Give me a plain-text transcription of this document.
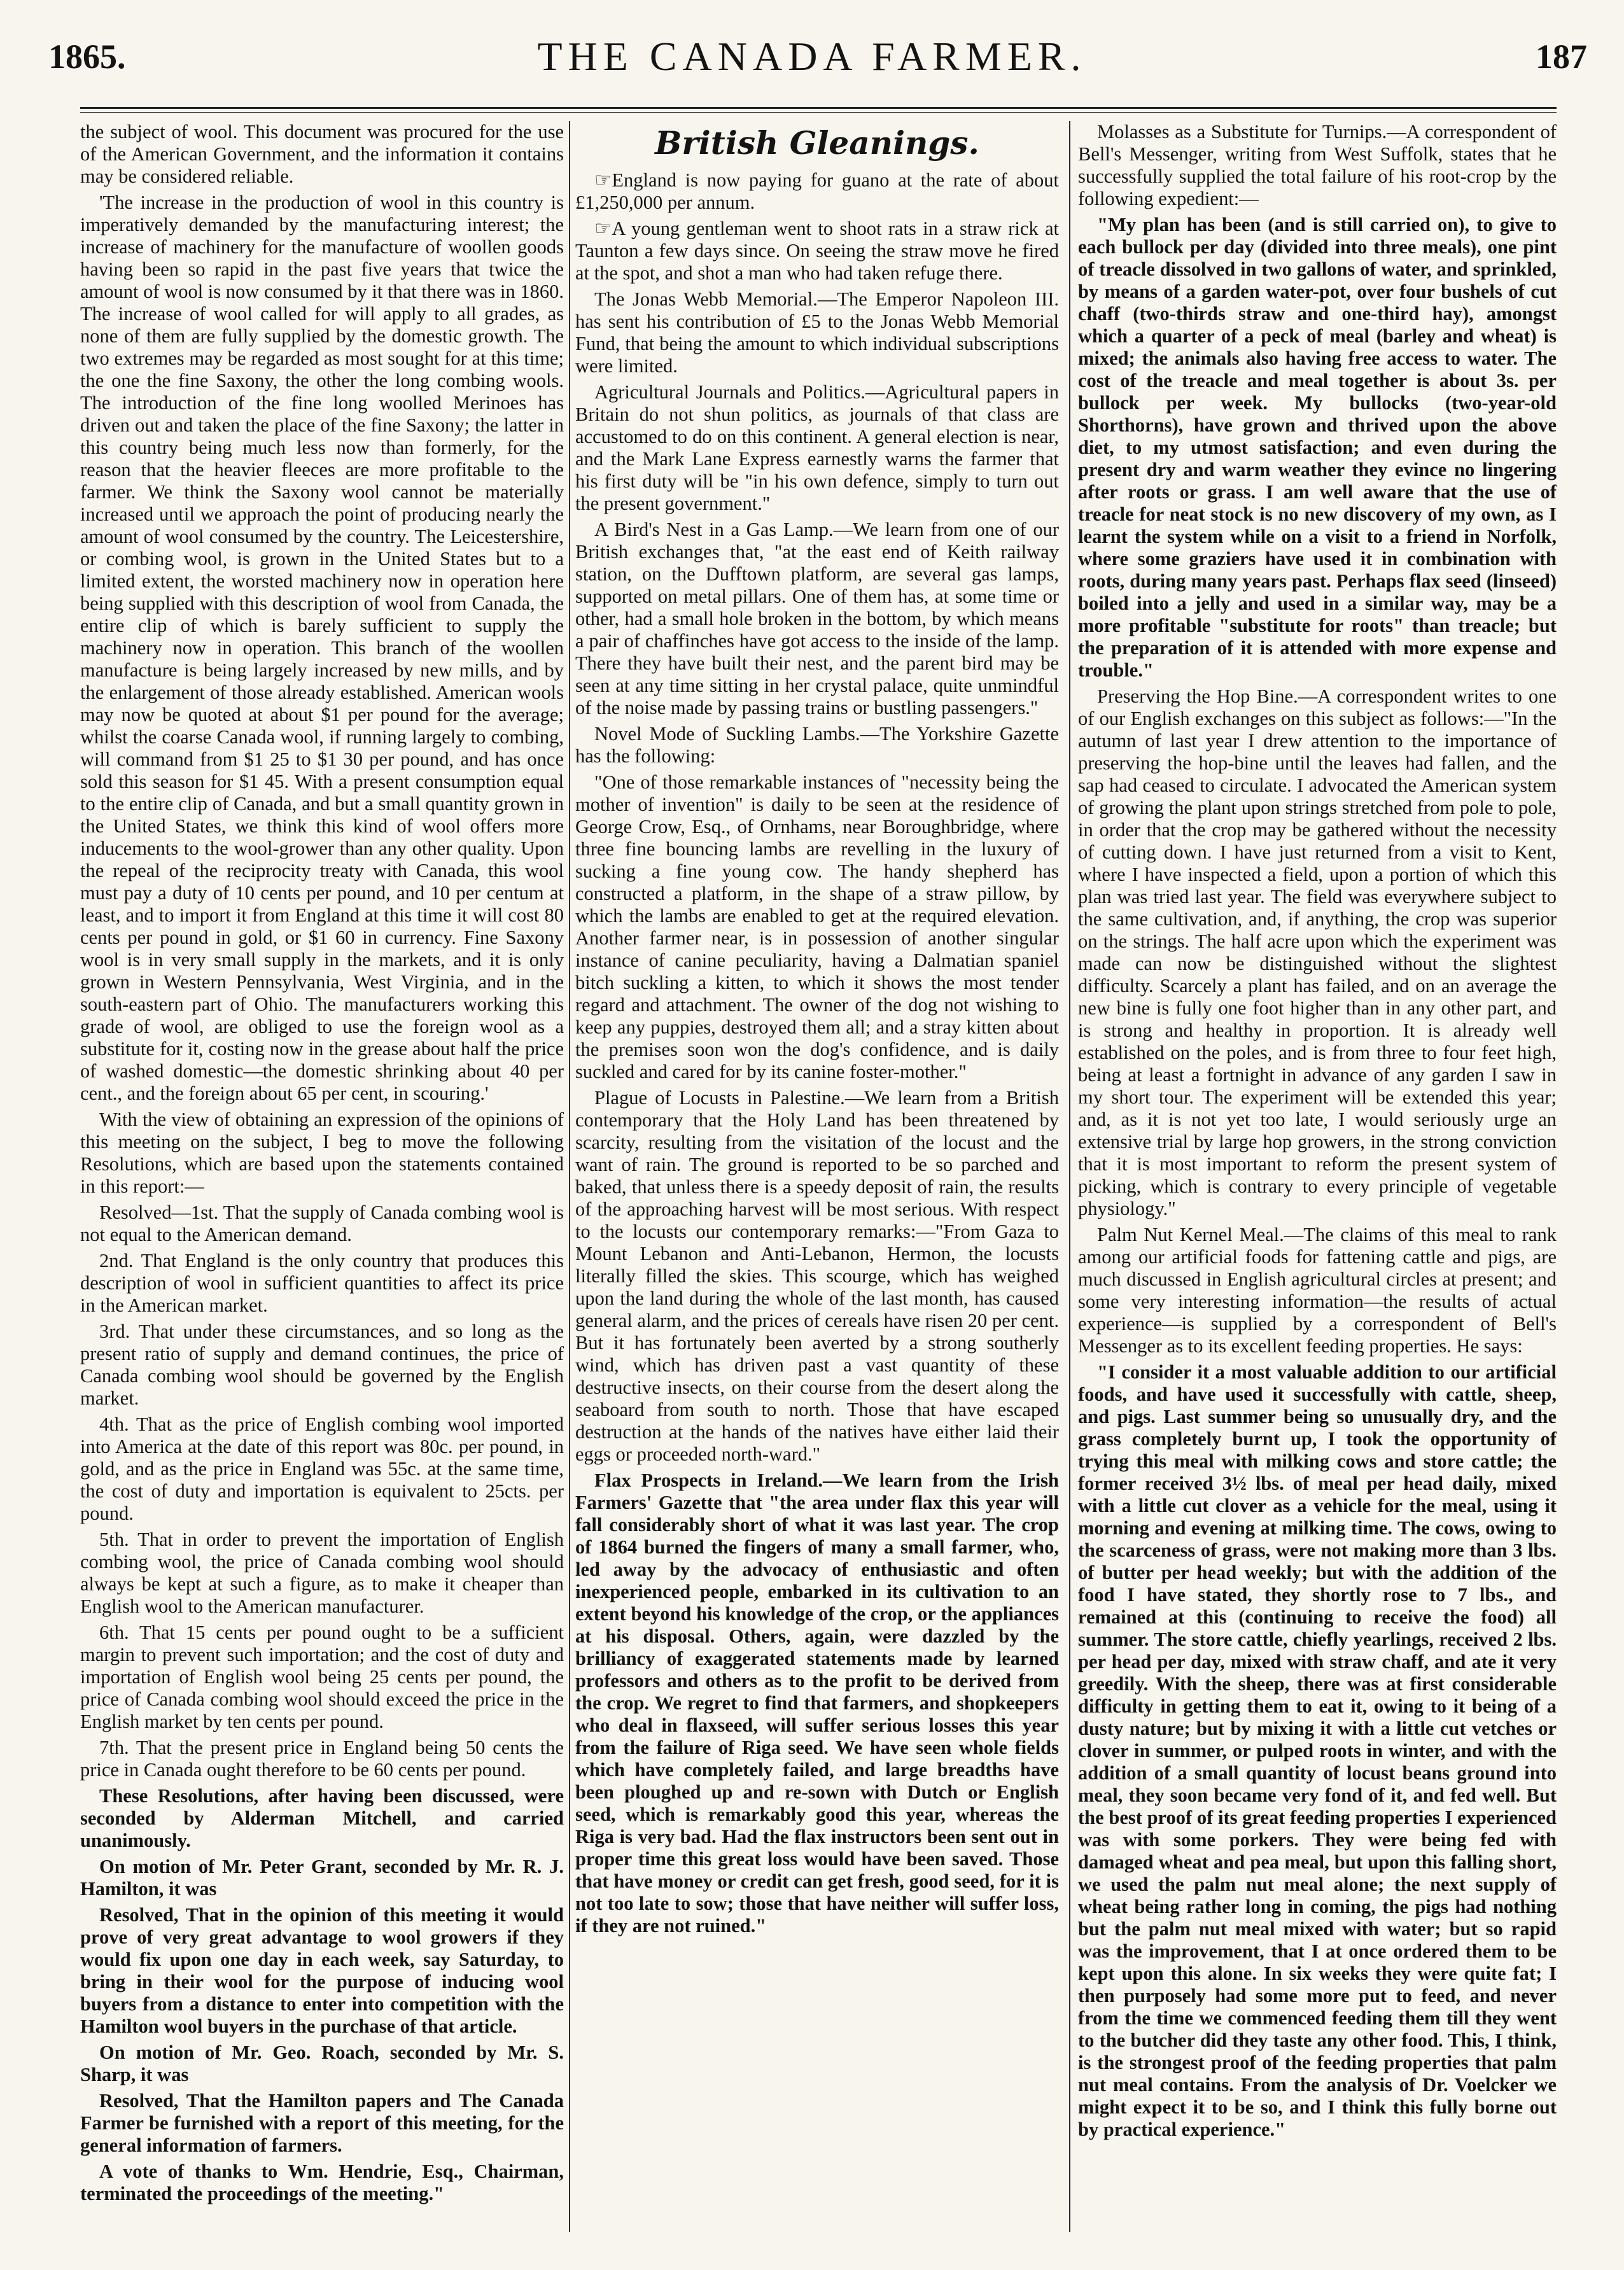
1865.	THE CANADA FARMER.	187

the subject of wool. This document was procured for the use of the American Government, and the information it contains may be considered reliable.

'The increase in the production of wool in this country is imperatively demanded by the manufacturing interest; the increase of machinery for the manufacture of woollen goods having been so rapid in the past five years that twice the amount of wool is now consumed by it that there was in 1860. The increase of wool called for will apply to all grades, as none of them are fully supplied by the domestic growth. The two extremes may be regarded as most sought for at this time; the one the fine Saxony, the other the long combing wools. The introduction of the fine long woolled Merinoes has driven out and taken the place of the fine Saxony; the latter in this country being much less now than formerly, for the reason that the heavier fleeces are more profitable to the farmer. We think the Saxony wool cannot be materially increased until we approach the point of producing nearly the amount of wool consumed by the country. The Leicestershire, or combing wool, is grown in the United States but to a limited extent, the worsted machinery now in operation here being supplied with this description of wool from Canada, the entire clip of which is barely sufficient to supply the machinery now in operation. This branch of the woollen manufacture is being largely increased by new mills, and by the enlargement of those already established. American wools may now be quoted at about $1 per pound for the average; whilst the coarse Canada wool, if running largely to combing, will command from $1 25 to $1 30 per pound, and has once sold this season for $1 45. With a present consumption equal to the entire clip of Canada, and but a small quantity grown in the United States, we think this kind of wool offers more inducements to the wool-grower than any other quality. Upon the repeal of the reciprocity treaty with Canada, this wool must pay a duty of 10 cents per pound, and 10 per centum at least, and to import it from England at this time it will cost 80 cents per pound in gold, or $1 60 in currency. Fine Saxony wool is in very small supply in the markets, and it is only grown in Western Pennsylvania, West Virginia, and in the south-eastern part of Ohio. The manufacturers working this grade of wool, are obliged to use the foreign wool as a substitute for it, costing now in the grease about half the price of washed domestic—the domestic shrinking about 40 per cent., and the foreign about 65 per cent, in scouring.'

With the view of obtaining an expression of the opinions of this meeting on the subject, I beg to move the following Resolutions, which are based upon the statements contained in this report:—

Resolved—1st. That the supply of Canada combing wool is not equal to the American demand.

2nd. That England is the only country that produces this description of wool in sufficient quantities to affect its price in the American market.

3rd. That under these circumstances, and so long as the present ratio of supply and demand continues, the price of Canada combing wool should be governed by the English market.

4th. That as the price of English combing wool imported into America at the date of this report was 80c. per pound, in gold, and as the price in England was 55c. at the same time, the cost of duty and importation is equivalent to 25cts. per pound.

5th. That in order to prevent the importation of English combing wool, the price of Canada combing wool should always be kept at such a figure, as to make it cheaper than English wool to the American manufacturer.

6th. That 15 cents per pound ought to be a sufficient margin to prevent such importation; and the cost of duty and importation of English wool being 25 cents per pound, the price of Canada combing wool should exceed the price in the English market by ten cents per pound.

7th. That the present price in England being 50 cents the price in Canada ought therefore to be 60 cents per pound.

These Resolutions, after having been discussed, were seconded by Alderman Mitchell, and carried unanimously.

On motion of Mr. Peter Grant, seconded by Mr. R. J. Hamilton, it was

Resolved, That in the opinion of this meeting it would prove of very great advantage to wool growers if they would fix upon one day in each week, say Saturday, to bring in their wool for the purpose of inducing wool buyers from a distance to enter into competition with the Hamilton wool buyers in the purchase of that article.

On motion of Mr. Geo. Roach, seconded by Mr. S. Sharp, it was

Resolved, That the Hamilton papers and The Canada Farmer be furnished with a report of this meeting, for the general information of farmers.

A vote of thanks to Wm. Hendrie, Esq., Chairman, terminated the proceedings of the meeting."

British Gleanings.

☞England is now paying for guano at the rate of about £1,250,000 per annum.

☞A young gentleman went to shoot rats in a straw rick at Taunton a few days since. On seeing the straw move he fired at the spot, and shot a man who had taken refuge there.

The Jonas Webb Memorial.—The Emperor Napoleon III. has sent his contribution of £5 to the Jonas Webb Memorial Fund, that being the amount to which individual subscriptions were limited.

Agricultural Journals and Politics.—Agricultural papers in Britain do not shun politics, as journals of that class are accustomed to do on this continent. A general election is near, and the Mark Lane Express earnestly warns the farmer that his first duty will be "in his own defence, simply to turn out the present government."

A Bird's Nest in a Gas Lamp.—We learn from one of our British exchanges that, "at the east end of Keith railway station, on the Dufftown platform, are several gas lamps, supported on metal pillars. One of them has, at some time or other, had a small hole broken in the bottom, by which means a pair of chaffinches have got access to the inside of the lamp. There they have built their nest, and the parent bird may be seen at any time sitting in her crystal palace, quite unmindful of the noise made by passing trains or bustling passengers."

Novel Mode of Suckling Lambs.—The Yorkshire Gazette has the following:

"One of those remarkable instances of "necessity being the mother of invention" is daily to be seen at the residence of George Crow, Esq., of Ornhams, near Boroughbridge, where three fine bouncing lambs are revelling in the luxury of sucking a fine young cow. The handy shepherd has constructed a platform, in the shape of a straw pillow, by which the lambs are enabled to get at the required elevation. Another farmer near, is in possession of another singular instance of canine peculiarity, having a Dalmatian spaniel bitch suckling a kitten, to which it shows the most tender regard and attachment. The owner of the dog not wishing to keep any puppies, destroyed them all; and a stray kitten about the premises soon won the dog's confidence, and is daily suckled and cared for by its canine foster-mother."

Plague of Locusts in Palestine.—We learn from a British contemporary that the Holy Land has been threatened by scarcity, resulting from the visitation of the locust and the want of rain. The ground is reported to be so parched and baked, that unless there is a speedy deposit of rain, the results of the approaching harvest will be most serious. With respect to the locusts our contemporary remarks:—"From Gaza to Mount Lebanon and Anti-Lebanon, Hermon, the locusts literally filled the skies. This scourge, which has weighed upon the land during the whole of the last month, has caused general alarm, and the prices of cereals have risen 20 per cent. But it has fortunately been averted by a strong southerly wind, which has driven past a vast quantity of these destructive insects, on their course from the desert along the seaboard from south to north. Those that have escaped destruction at the hands of the natives have either laid their eggs or proceeded north-ward."

Flax Prospects in Ireland.—We learn from the Irish Farmers' Gazette that "the area under flax this year will fall considerably short of what it was last year. The crop of 1864 burned the fingers of many a small farmer, who, led away by the advocacy of enthusiastic and often inexperienced people, embarked in its cultivation to an extent beyond his knowledge of the crop, or the appliances at his disposal. Others, again, were dazzled by the brilliancy of exaggerated statements made by learned professors and others as to the profit to be derived from the crop. We regret to find that farmers, and shopkeepers who deal in flaxseed, will suffer serious losses this year from the failure of Riga seed. We have seen whole fields which have completely failed, and large breadths have been ploughed up and re-sown with Dutch or English seed, which is remarkably good this year, whereas the Riga is very bad. Had the flax instructors been sent out in proper time this great loss would have been saved. Those that have money or credit can get fresh, good seed, for it is not too late to sow; those that have neither will suffer loss, if they are not ruined."

Molasses as a Substitute for Turnips.—A correspondent of Bell's Messenger, writing from West Suffolk, states that he successfully supplied the total failure of his root-crop by the following expedient:—

"My plan has been (and is still carried on), to give to each bullock per day (divided into three meals), one pint of treacle dissolved in two gallons of water, and sprinkled, by means of a garden water-pot, over four bushels of cut chaff (two-thirds straw and one-third hay), amongst which a quarter of a peck of meal (barley and wheat) is mixed; the animals also having free access to water. The cost of the treacle and meal together is about 3s. per bullock per week. My bullocks (two-year-old Shorthorns), have grown and thrived upon the above diet, to my utmost satisfaction; and even during the present dry and warm weather they evince no lingering after roots or grass. I am well aware that the use of treacle for neat stock is no new discovery of my own, as I learnt the system while on a visit to a friend in Norfolk, where some graziers have used it in combination with roots, during many years past. Perhaps flax seed (linseed) boiled into a jelly and used in a similar way, may be a more profitable "substitute for roots" than treacle; but the preparation of it is attended with more expense and trouble."

Preserving the Hop Bine.—A correspondent writes to one of our English exchanges on this subject as follows:—"In the autumn of last year I drew attention to the importance of preserving the hop-bine until the leaves had fallen, and the sap had ceased to circulate. I advocated the American system of growing the plant upon strings stretched from pole to pole, in order that the crop may be gathered without the necessity of cutting down. I have just returned from a visit to Kent, where I have inspected a field, upon a portion of which this plan was tried last year. The field was everywhere subject to the same cultivation, and, if anything, the crop was superior on the strings. The half acre upon which the experiment was made can now be distinguished without the slightest difficulty. Scarcely a plant has failed, and on an average the new bine is fully one foot higher than in any other part, and is strong and healthy in proportion. It is already well established on the poles, and is from three to four feet high, being at least a fortnight in advance of any garden I saw in my short tour. The experiment will be extended this year; and, as it is not yet too late, I would seriously urge an extensive trial by large hop growers, in the strong conviction that it is most important to reform the present system of picking, which is contrary to every principle of vegetable physiology."

Palm Nut Kernel Meal.—The claims of this meal to rank among our artificial foods for fattening cattle and pigs, are much discussed in English agricultural circles at present; and some very interesting information—the results of actual experience—is supplied by a correspondent of Bell's Messenger as to its excellent feeding properties. He says:

"I consider it a most valuable addition to our artificial foods, and have used it successfully with cattle, sheep, and pigs. Last summer being so unusually dry, and the grass completely burnt up, I took the opportunity of trying this meal with milking cows and store cattle; the former received 3½ lbs. of meal per head daily, mixed with a little cut clover as a vehicle for the meal, using it morning and evening at milking time. The cows, owing to the scarceness of grass, were not making more than 3 lbs. of butter per head weekly; but with the addition of the food I have stated, they shortly rose to 7 lbs., and remained at this (continuing to receive the food) all summer. The store cattle, chiefly yearlings, received 2 lbs. per head per day, mixed with straw chaff, and ate it very greedily. With the sheep, there was at first considerable difficulty in getting them to eat it, owing to it being of a dusty nature; but by mixing it with a little cut vetches or clover in summer, or pulped roots in winter, and with the addition of a small quantity of locust beans ground into meal, they soon became very fond of it, and fed well. But the best proof of its great feeding properties I experienced was with some porkers. They were being fed with damaged wheat and pea meal, but upon this falling short, we used the palm nut meal alone; the next supply of wheat being rather long in coming, the pigs had nothing but the palm nut meal mixed with water; but so rapid was the improvement, that I at once ordered them to be kept upon this alone. In six weeks they were quite fat; I then purposely had some more put to feed, and never from the time we commenced feeding them till they went to the butcher did they taste any other food. This, I think, is the strongest proof of the feeding properties that palm nut meal contains. From the analysis of Dr. Voelcker we might expect it to be so, and I think this fully borne out by practical experience."
